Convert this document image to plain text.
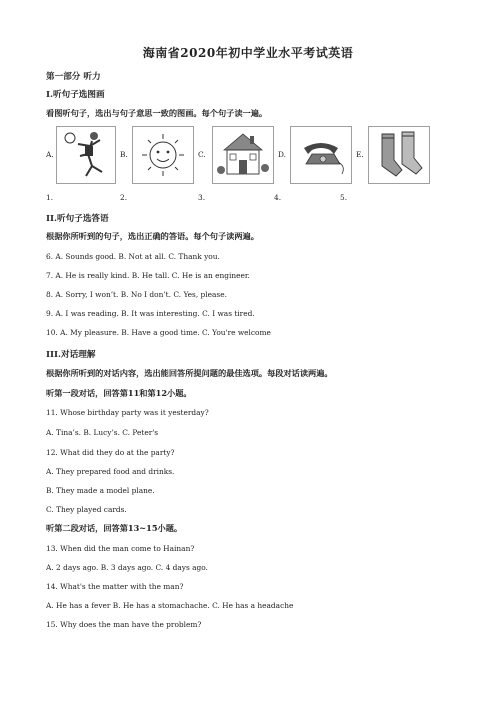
海南省2020年初中学业水平考试英语
第一部分 听力
I.听句子选图画
看图听句子，选出与句子意思一致的图画。每个句子读一遍。
A.	B.	C.	D.	E.
1.	2.	3.	4.	5.
II.听句子选答语
根据你所听到的句子，选出正确的答语。每个句子读两遍。
6. A. Sounds good. B. Not at all. C. Thank you.
7. A. He is really kind. B. He tall. C. He is an engineer.
8. A. Sorry, I won’t. B. No I don’t. C. Yes, please.
9. A. I was reading. B. It was interesting. C. I was tired.
10. A. My pleasure. B. Have a good time. C. You're welcome
III.对话理解
根据你所听到的对话内容，选出能回答所提问题的最佳选项。每段对话读两遍。
听第一段对话，回答第11和第12小题。
11. Whose birthday party was it yesterday?
A. Tina’s. B. Lucy’s. C. Peter's
12. What did they do at the party?
A. They prepared food and drinks.
B. They made a model plane.
C. They played cards.
听第二段对话，回答第13~15小题。
13. When did the man come to Hainan?
A. 2 days ago. B. 3 days ago. C. 4 days ago.
14. What's the matter with the man?
A. He has a fever B. He has a stomachache. C. He has a headache
15. Why does the man have the problem?
